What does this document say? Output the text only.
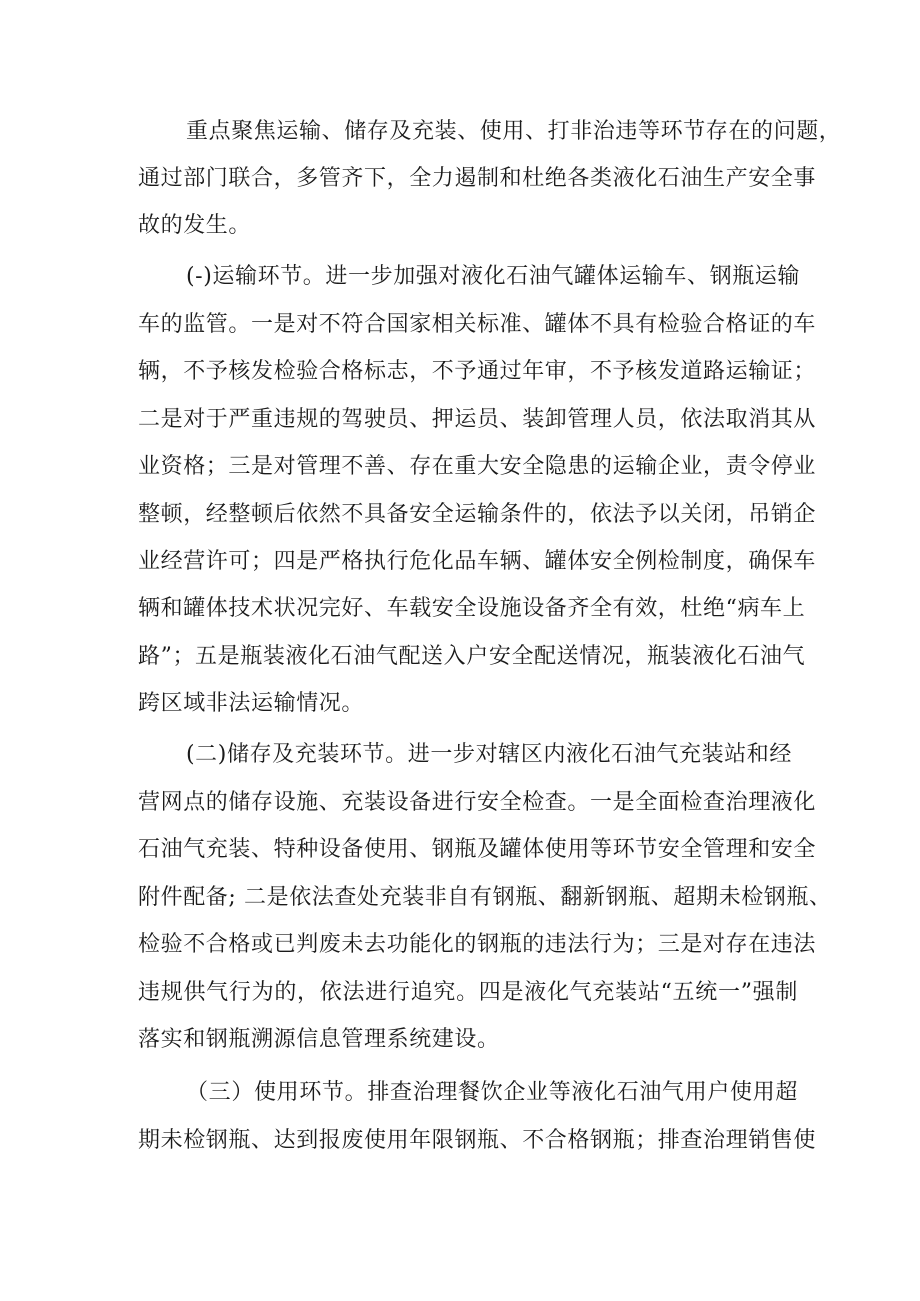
重点聚焦运输、储存及充装、使用、打非治违等环节存在的问题，
通过部门联合，多管齐下，全力遏制和杜绝各类液化石油生产安全事
故的发生。
(-)运输环节。进一步加强对液化石油气罐体运输车、钢瓶运输
车的监管。一是对不符合国家相关标准、罐体不具有检验合格证的车
辆，不予核发检验合格标志，不予通过年审，不予核发道路运输证；
二是对于严重违规的驾驶员、押运员、装卸管理人员，依法取消其从
业资格；三是对管理不善、存在重大安全隐患的运输企业，责令停业
整顿，经整顿后依然不具备安全运输条件的，依法予以关闭，吊销企
业经营许可；四是严格执行危化品车辆、罐体安全例检制度，确保车
辆和罐体技术状况完好、车载安全设施设备齐全有效，杜绝“病车上
路”；五是瓶装液化石油气配送入户安全配送情况，瓶装液化石油气
跨区域非法运输情况。
(二)储存及充装环节。进一步对辖区内液化石油气充装站和经
营网点的储存设施、充装设备进行安全检查。一是全面检查治理液化
石油气充装、特种设备使用、钢瓶及罐体使用等环节安全管理和安全
附件配备; 二是依法查处充装非自有钢瓶、翻新钢瓶、超期未检钢瓶、
检验不合格或已判废未去功能化的钢瓶的违法行为；三是对存在违法
违规供气行为的，依法进行追究。四是液化气充装站“五统一”强制
落实和钢瓶溯源信息管理系统建设。
（三）使用环节。排查治理餐饮企业等液化石油气用户使用超
期未检钢瓶、达到报废使用年限钢瓶、不合格钢瓶；排查治理销售使
